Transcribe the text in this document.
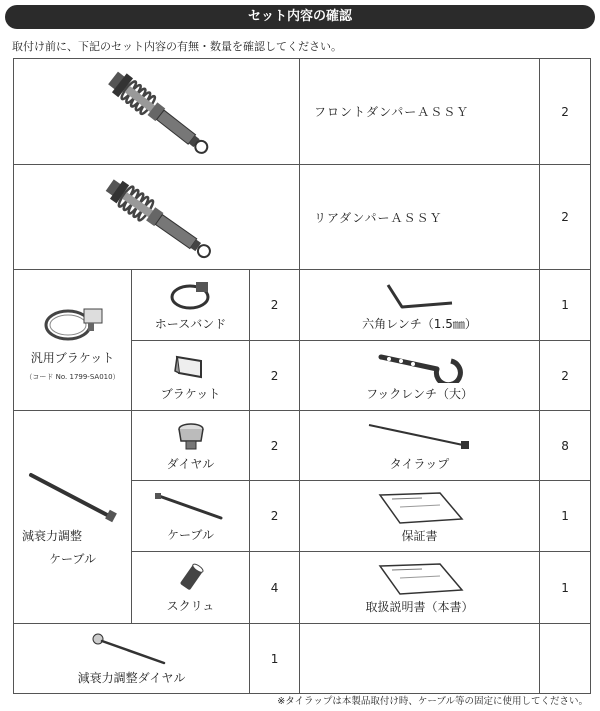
セット内容の確認
取付け前に、下記のセット内容の有無・数量を確認してください。
	フロントダンパーＡＳＳＹ	2

	リアダンパーＡＳＳＹ	2

汎用ブラケット
（コード No. 1799-SA010）	ホースバンド	2	六角レンチ（1.5㎜）	1

	ブラケット	2	フックレンチ（大）	2

減衰力調整
ケーブル	ダイヤル	2	タイラップ	8

	ケーブル	2	保証書	1

	スクリュ	4	取扱説明書（本書）	1

減衰力調整ダイヤル		1		
※タイラップは本製品取付け時、ケーブル等の固定に使用してください。
